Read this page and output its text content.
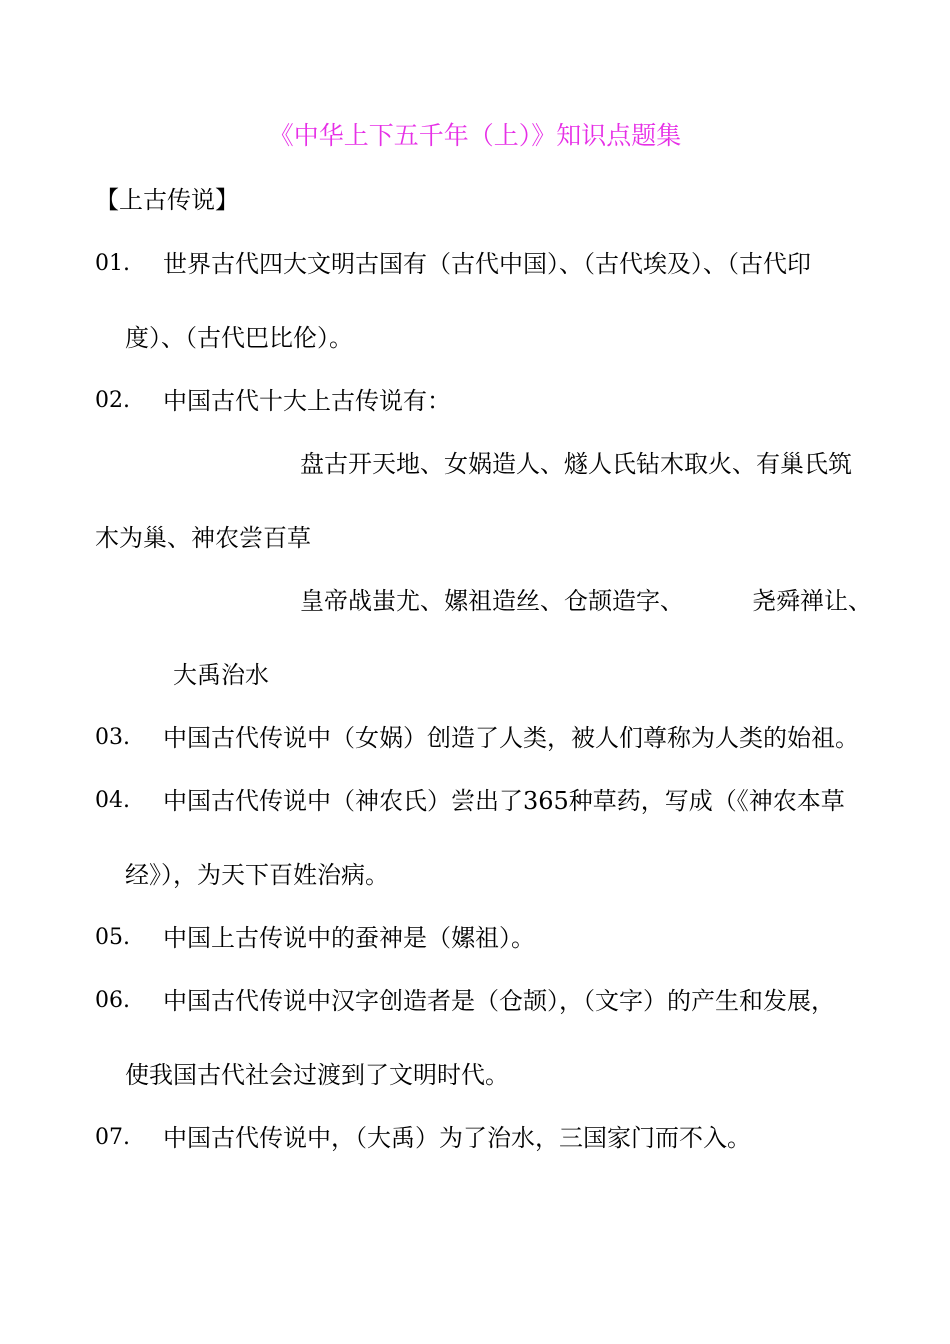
《中华上下五千年（上）》知识点题集
【上古传说】
01. 世界古代四大文明古国有（古代中国）、（古代埃及）、（古代印
度）、（古代巴比伦）。
02. 中国古代十大上古传说有：
盘古开天地、女娲造人、燧人氏钻木取火、有巢氏筑
木为巢、神农尝百草
皇帝战蚩尤、嫘祖造丝、仓颉造字、	尧舜禅让、
大禹治水
03. 中国古代传说中（女娲）创造了人类，被人们尊称为人类的始祖。
04. 中国古代传说中（神农氏）尝出了365种草药，写成（《神农本草
经》），为天下百姓治病。
05. 中国上古传说中的蚕神是（嫘祖）。
06. 中国古代传说中汉字创造者是（仓颉），（文字）的产生和发展，
使我国古代社会过渡到了文明时代。
07. 中国古代传说中，（大禹）为了治水，三国家门而不入。
